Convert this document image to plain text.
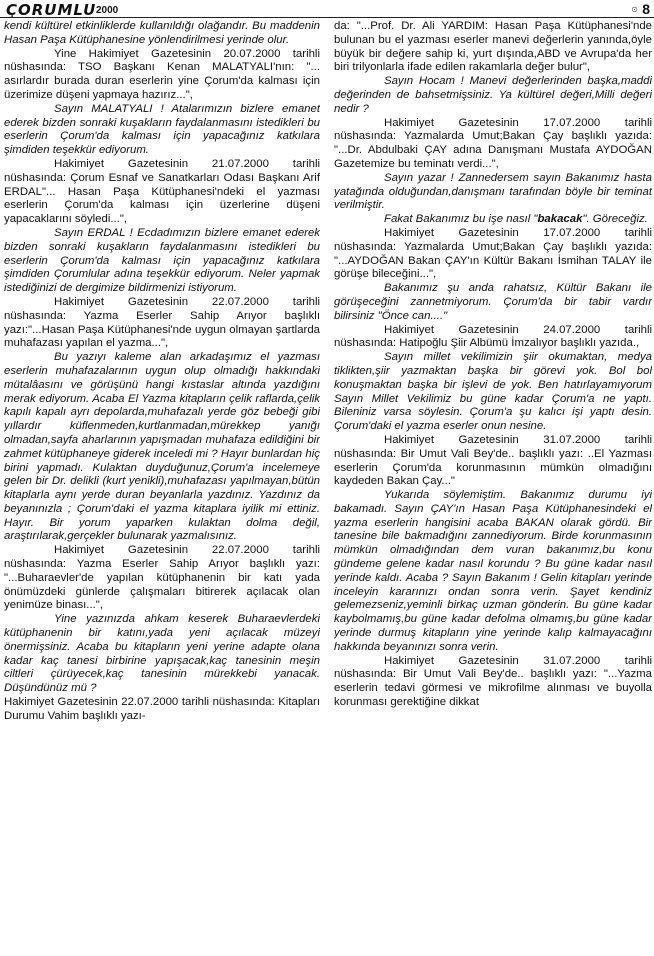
ÇORUMLU 2000	⊙ 8

kendi kültürel etkinliklerde kullanıldığı olağandır. Bu maddenin Hasan Paşa Kütüphanesine yönlendirilmesi yerinde olur.

Yine Hakimiyet Gazetesinin 20.07.2000 tarihli nüshasında: TSO Başkanı Kenan MALATYALI'nın: "... asırlardır burada duran eserlerin yine Çorum'da kalması için üzerimize düşeni yapmaya hazırız...",

Sayın MALATYALI ! Atalarımızın bizlere emanet ederek bizden sonraki kuşakların faydalanmasını istedikleri bu eserlerin Çorum'da kalması için yapacağınız katkılara şimdiden teşekkür ediyorum.

Hakimiyet Gazetesinin 21.07.2000 tarihli nüshasında: Çorum Esnaf ve Sanatkarları Odası Başkanı Arif ERDAL"... Hasan Paşa Kütüphanesi'ndeki el yazması eserlerin Çorum'da kalması için üzerlerine düşeni yapacaklarını söyledi...",

Sayın ERDAL ! Ecdadımızın bizlere emanet ederek bizden sonraki kuşakların faydalanmasını istedikleri bu eserlerin Çorum'da kalması için yapacağınız katkılara şimdiden Çorumlular adına teşekkür ediyorum. Neler yapmak istediğinizi de dergimize bildirmenizi istiyorum.

Hakimiyet Gazetesinin 22.07.2000 tarihli nüshasında: Yazma Eserler Sahip Arıyor başlıklı yazı:"...Hasan Paşa Kütüphanesi'nde uygun olmayan şartlarda muhafazası yapılan el yazma...",

Bu yazıyı kaleme alan arkadaşımız el yazması eserlerin muhafazalarının uygun olup olmadığı hakkındaki mütalâasını ve görüşünü hangi kıstaslar altında yazdığını merak ediyorum. Acaba El Yazma kitapların çelik raflarda,çelik kapılı kapalı ayrı depolarda,muhafazalı yerde göz bebeği gibi yıllardır küflenmeden,kurtlanmadan,mürekkep yanığı olmadan,sayfa aharlarının yapışmadan muhafaza edildiğini bir zahmet kütüphaneye giderek inceledi mi ? Hayır bunlardan hiç birini yapmadı. Kulaktan duyduğunuz,Çorum'a incelemeye gelen bir Dr. delikli (kurt yenikli),muhafazası yapılmayan,bütün kitaplarla aynı yerde duran beyanlarla yazdınız. Yazdınız da beyanınızla ; Çorum'daki el yazma kitaplara iyilik mi ettiniz. Hayır. Bir yorum yaparken kulaktan dolma değil, araştırılarak,gerçekler bulunarak yazmalısınız.

Hakimiyet Gazetesinin 22.07.2000 tarihli nüshasında: Yazma Eserler Sahip Arıyor başlıklı yazı: "...Buharaevler'de yapılan kütüphanenin bir katı yada önümüzdeki günlerde çalışmaları bitirerek açılacak olan yenimüze binası...",

Yine yazınızda ahkam keserek Buharaevlerdeki kütüphanenin bir katını,yada yeni açılacak müzeyi önermişsiniz. Acaba bu kitapların yeni yerine adapte olana kadar kaç tanesi birbirine yapışacak,kaç tanesinin meşin ciltleri çürüyecek,kaç tanesinin mürekkebi yanacak. Düşündünüz mü ?

Hakimiyet Gazetesinin 22.07.2000 tarihli nüshasında: Kitapları Durumu Vahim başlıklı yazı-

da: "...Prof. Dr. Ali YARDIM: Hasan Paşa Kütüphanesi'nde bulunan bu el yazması eserler manevi değerlerin yanında,öyle büyük bir değere sahip ki, yurt dışında,ABD ve Avrupa'da her biri trilyonlarla ifade edilen rakamlarla değer bulur",

Sayın Hocam ! Manevi değerlerinden başka,maddi değerinden de bahsetmişsiniz. Ya kültürel değeri,Milli değeri nedir ?

Hakimiyet Gazetesinin 17.07.2000 tarihli nüshasında: Yazmalarda Umut;Bakan Çay başlıklı yazıda: "...Dr. Abdulbaki ÇAY adına Danışmanı Mustafa AYDOĞAN Gazetemize bu teminatı verdi...",

Sayın yazar ! Zannedersem sayın Bakanımız hasta yatağında olduğundan,danışmanı tarafından böyle bir teminat verilmiştir.

Fakat Bakanımız bu işe nasıl "bakacak". Göreceğiz.

Hakimiyet Gazetesinin 17.07.2000 tarihli nüshasında: Yazmalarda Umut;Bakan Çay başlıklı yazıda: "...AYDOĞAN Bakan ÇAY'ın Kültür Bakanı İsmihan TALAY ile görüşe bileceğini...",

Bakanımız şu anda rahatsız, Kültür Bakanı ile görüşeceğini zannetmiyorum. Çorum'da bir tabir vardır bilirsiniz "Önce can...."

Hakimiyet Gazetesinin 24.07.2000 tarihli nüshasında: Hatipoğlu Şiir Albümü İmzalıyor başlıklı yazıda.,

Sayın millet vekilimizin şiir okumaktan, medya tiklikten,şiir yazmaktan başka bir görevi yok. Bol bol konuşmaktan başka bir işlevi de yok. Ben hatırlayamıyorum Sayın Millet Vekilimiz bu güne kadar Çorum'a ne yaptı. Bileniniz varsa söylesin. Çorum'a şu kalıcı işi yaptı desin. Çorum'daki el yazma eserler onun nesine.

Hakimiyet Gazetesinin 31.07.2000 tarihli nüshasında: Bir Umut Vali Bey'de.. başlıklı yazı: ..El Yazması eserlerin Çorum'da korunmasının mümkün olmadığını kaydeden Bakan Çay..."

Yukarıda söylemiştim. Bakanımız durumu iyi bakamadı. Sayın ÇAY'ın Hasan Paşa Kütüphanesindeki el yazma eserlerin hangisini acaba BAKAN olarak gördü. Bir tanesine bile bakmadığını zannediyorum. Birde korunmasının mümkün olmadığından dem vuran bakanımız,bu konu gündeme gelene kadar nasıl korundu ? Bu güne kadar nasıl yerinde kaldı. Acaba ? Sayın Bakanım ! Gelin kitapları yerinde inceleyin kararınızı ondan sonra verin. Şayet kendiniz gelemezseniz,yeminli birkaç uzman gönderin. Bu güne kadar kaybolmamış,bu güne kadar defolma olmamış,bu güne kadar yerinde durmuş kitapların yine yerinde kalıp kalmayacağını hakkında beyanınızı sonra verin.

Hakimiyet Gazetesinin 31.07.2000 tarihli nüshasında: Bir Umut Vali Bey'de.. başlıklı yazı: "...Yazma eserlerin tedavi görmesi ve mikrofilme alınması ve buyolla korunması gerektiğine dikkat
